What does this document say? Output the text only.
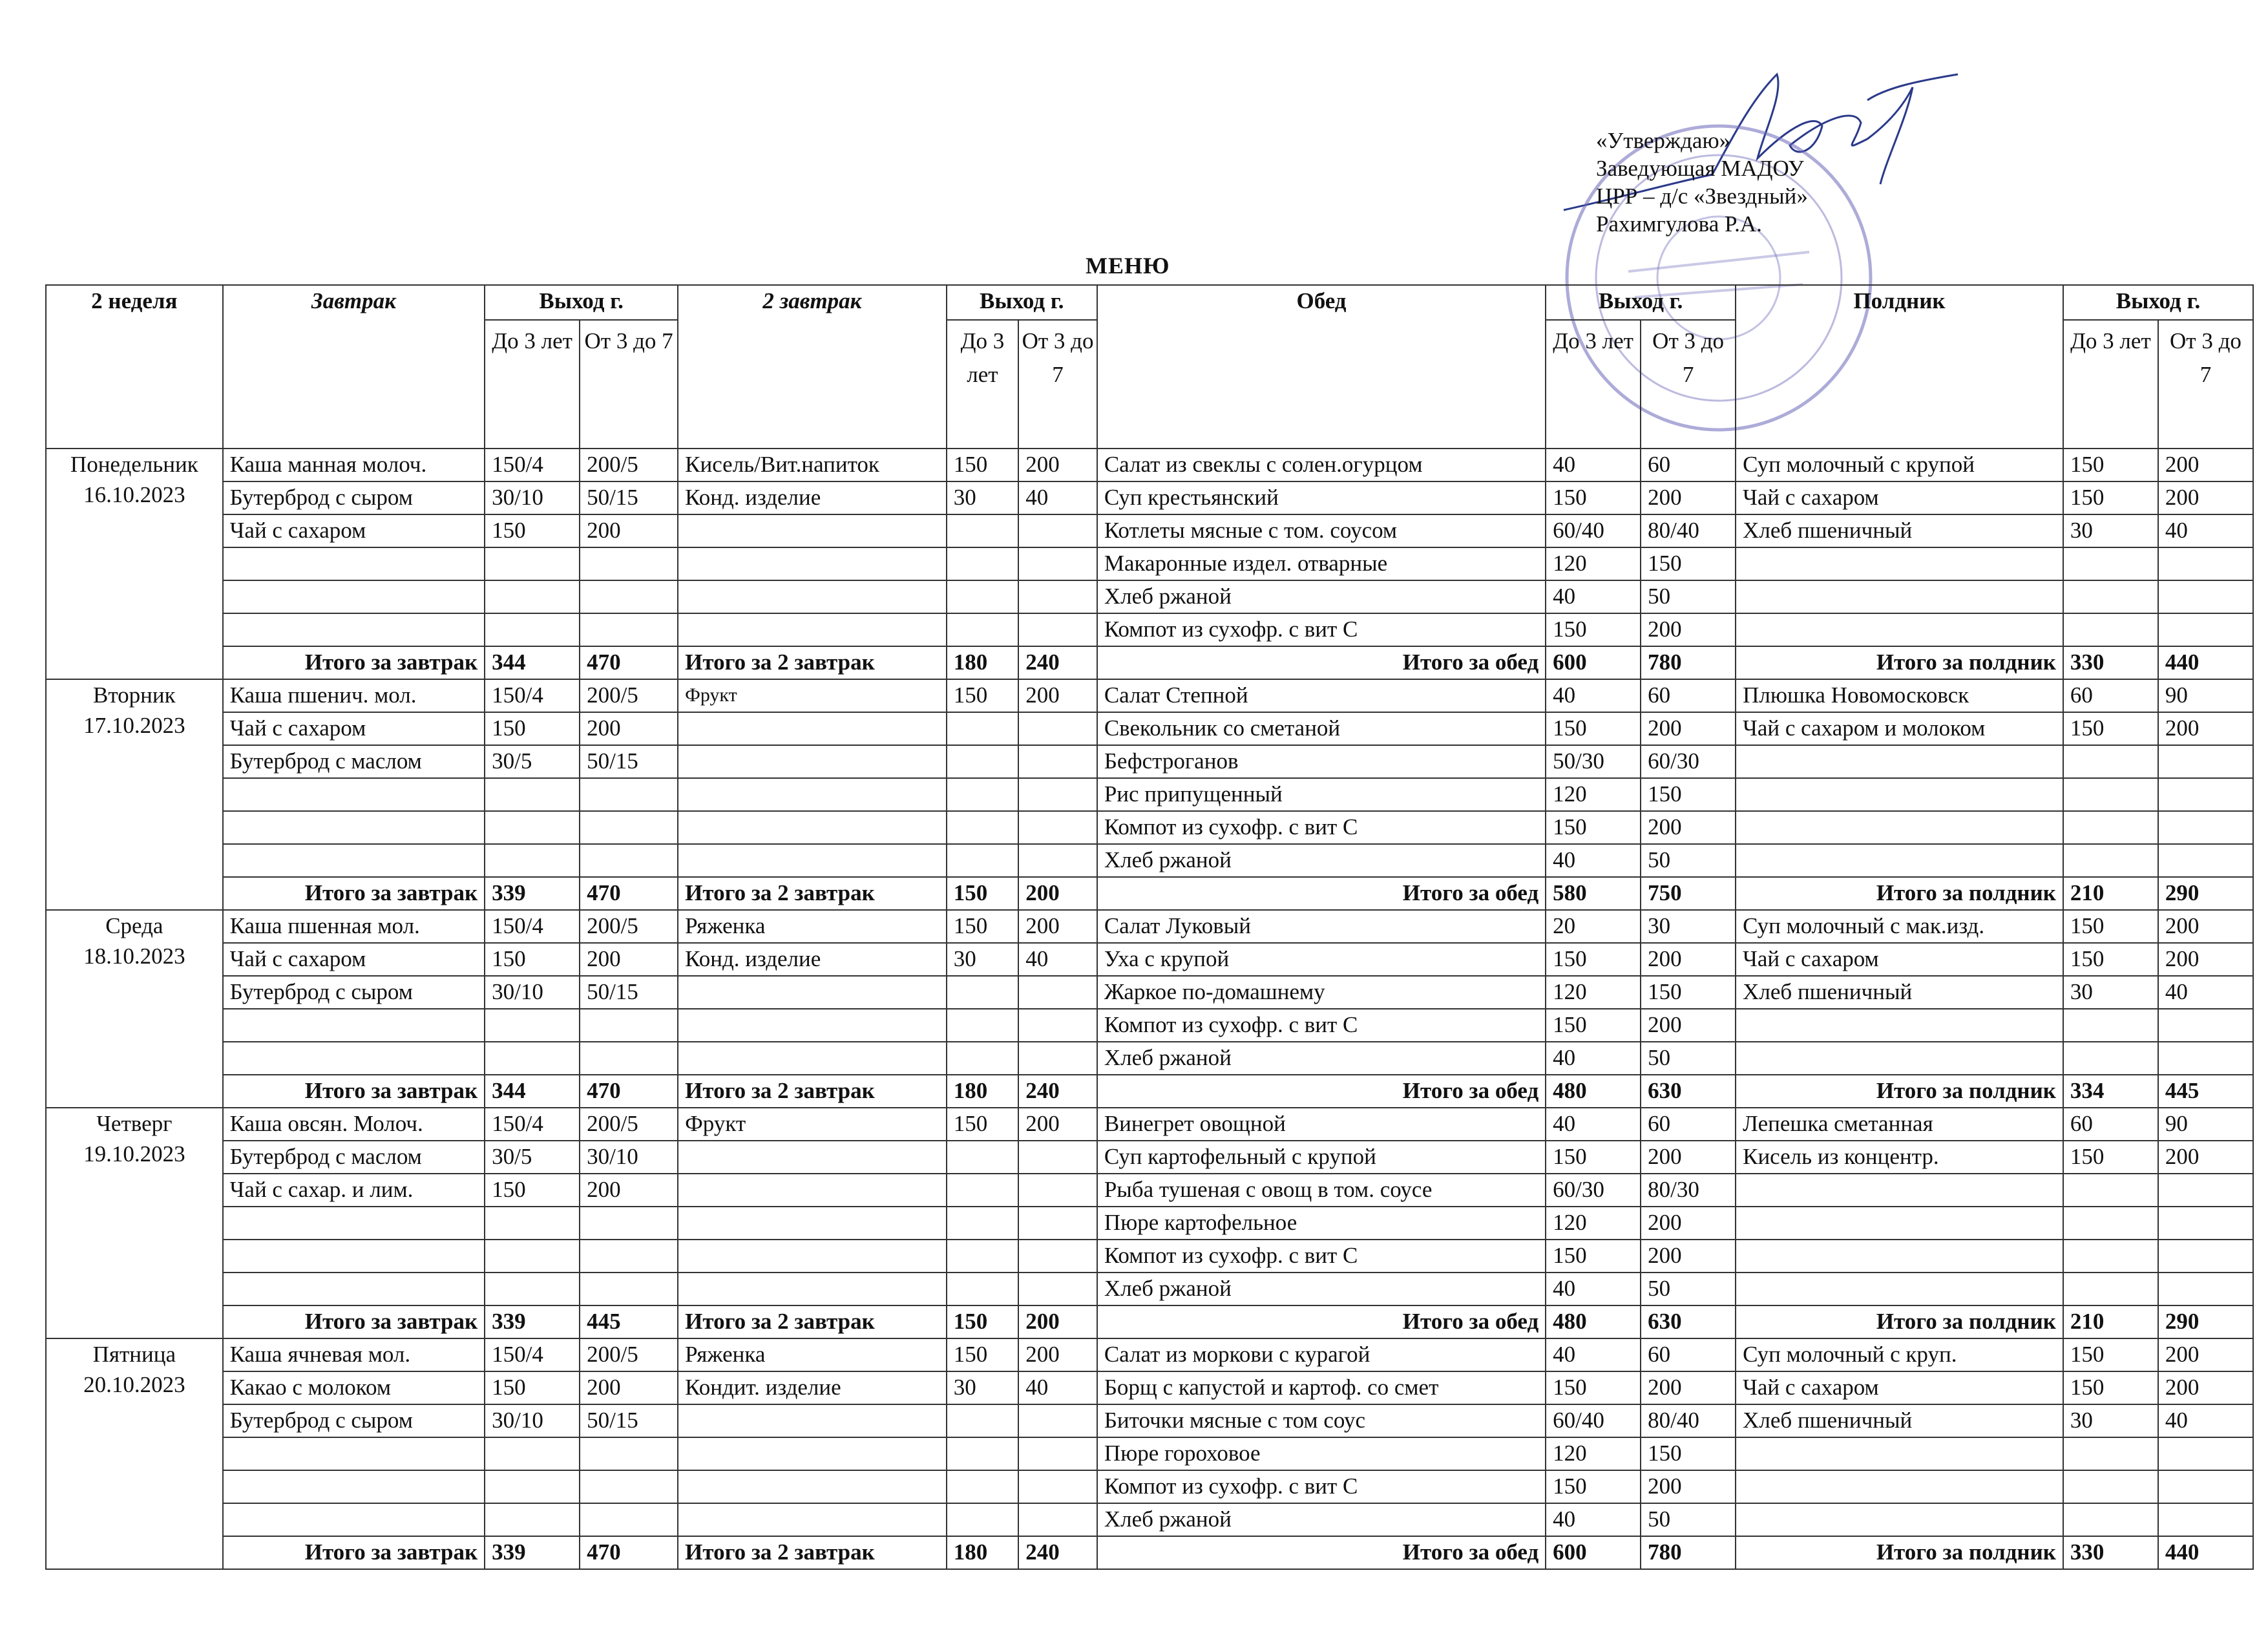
«Утверждаю»
Заведующая МАДОУ
ЦРР – д/с «Звездный»
Рахимгулова Р.А.
МЕНЮ
2 неделя	Завтрак	Выход г.		2 завтрак	Выход г.		Обед	Выход г.		Полдник	Выход г.	
		До 3 лет	От 3 до 7		До 3 лет	От 3 до 7		До 3 лет	От 3 до 7		До 3 лет	От 3 до 7

Понедельник
16.10.2023	Каша манная молоч.	150/4	200/5	Кисель/Вит.напиток	150	200	Салат из свеклы с солен.огурцом	40	60	Суп молочный с крупой	150	200
	Бутерброд с сыром	30/10	50/15	Конд. изделие	30	40	Суп крестьянский	150	200	Чай с сахаром	150	200
	Чай с сахаром	150	200				Котлеты мясные с том. соусом	60/40	80/40	Хлеб пшеничный	30	40
							Макаронные издел. отварные	120	150			
							Хлеб ржаной	40	50			
							Компот из сухофр. с вит С	150	200			
	Итого за завтрак	344	470	Итого за 2 завтрак	180	240	Итого за обед	600	780	Итого за полдник	330	440

Вторник
17.10.2023	Каша пшенич. мол.	150/4	200/5	Фрукт	150	200	Салат Степной	40	60	Плюшка Новомосковск	60	90
	Чай с сахаром	150	200				Свекольник со сметаной	150	200	Чай с сахаром и молоком	150	200
	Бутерброд с маслом	30/5	50/15				Бефстроганов	50/30	60/30			
							Рис припущенный	120	150			
							Компот из сухофр. с вит С	150	200			
							Хлеб ржаной	40	50			
	Итого за завтрак	339	470	Итого за 2 завтрак	150	200	Итого за обед	580	750	Итого за полдник	210	290

Среда
18.10.2023	Каша пшенная мол.	150/4	200/5	Ряженка	150	200	Салат Луковый	20	30	Суп молочный с мак.изд.	150	200
	Чай с сахаром	150	200	Конд. изделие	30	40	Уха с крупой	150	200	Чай с сахаром	150	200
	Бутерброд с сыром	30/10	50/15				Жаркое по-домашнему	120	150	Хлеб пшеничный	30	40
							Компот из сухофр. с вит С	150	200			
							Хлеб ржаной	40	50			
	Итого за завтрак	344	470	Итого за 2 завтрак	180	240	Итого за обед	480	630	Итого за полдник	334	445

Четверг
19.10.2023	Каша овсян. Молоч.	150/4	200/5	Фрукт	150	200	Винегрет овощной	40	60	Лепешка сметанная	60	90
	Бутерброд с маслом	30/5	30/10				Суп картофельный с крупой	150	200	Кисель из концентр.	150	200
	Чай с сахар. и лим.	150	200				Рыба тушеная с овощ в том. соусе	60/30	80/30			
							Пюре картофельное	120	200			
							Компот из сухофр. с вит С	150	200			
							Хлеб ржаной	40	50			
	Итого за завтрак	339	445	Итого за 2 завтрак	150	200	Итого за обед	480	630	Итого за полдник	210	290

Пятница
20.10.2023	Каша ячневая мол.	150/4	200/5	Ряженка	150	200	Салат из моркови с курагой	40	60	Суп молочный с круп.	150	200
	Какао с молоком	150	200	Кондит. изделие	30	40	Борщ с капустой и картоф. со смет	150	200	Чай с сахаром	150	200
	Бутерброд с сыром	30/10	50/15				Биточки мясные с том соус	60/40	80/40	Хлеб пшеничный	30	40
							Пюре гороховое	120	150			
							Компот из сухофр. с вит С	150	200			
							Хлеб ржаной	40	50			
	Итого за завтрак	339	470	Итого за 2 завтрак	180	240	Итого за обед	600	780	Итого за полдник	330	440
